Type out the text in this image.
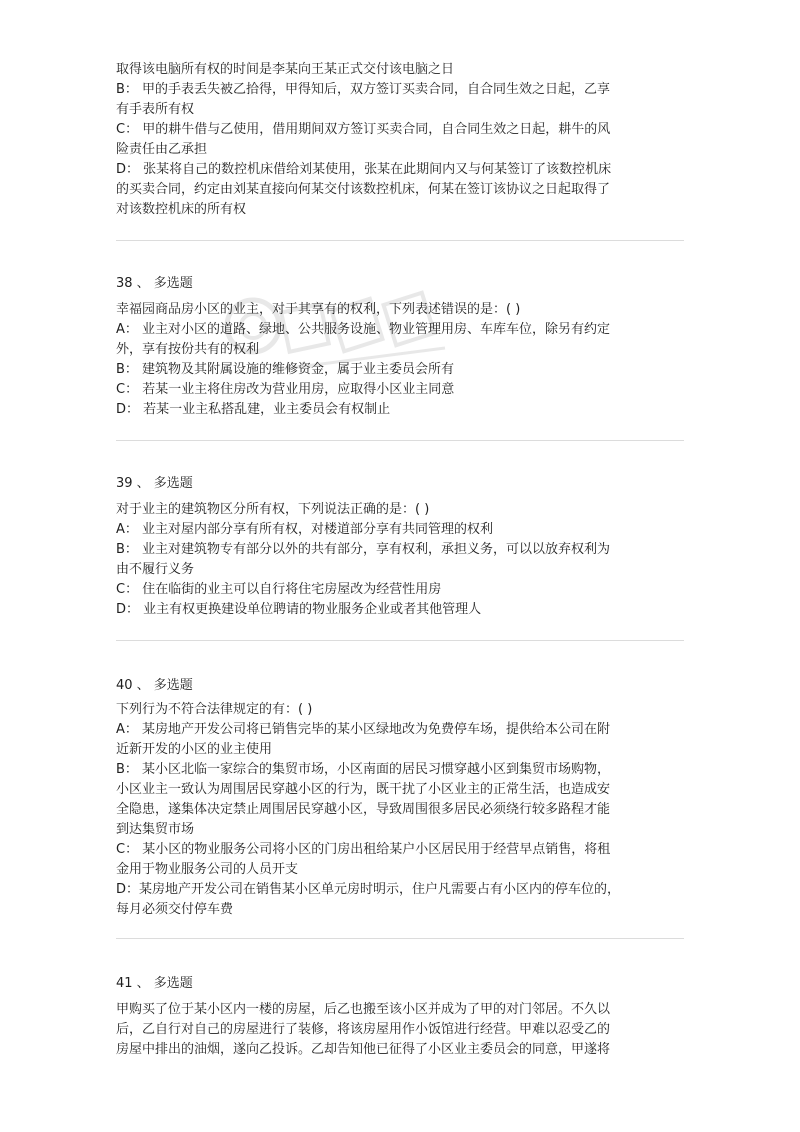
取得该电脑所有权的时间是李某向王某正式交付该电脑之日
B： 甲的手表丢失被乙拾得，甲得知后，双方签订买卖合同，自合同生效之日起，乙享
有手表所有权
C： 甲的耕牛借与乙使用，借用期间双方签订买卖合同，自合同生效之日起，耕牛的风
险责任由乙承担
D： 张某将自己的数控机床借给刘某使用，张某在此期间内又与何某签订了该数控机床
的买卖合同，约定由刘某直接向何某交付该数控机床，何某在签订该协议之日起取得了
对该数控机床的所有权
38 、 多选题
幸福园商品房小区的业主，对于其享有的权利，下列表述错误的是：( )
A： 业主对小区的道路、绿地、公共服务设施、物业管理用房、车库车位，除另有约定
外，享有按份共有的权利
B： 建筑物及其附属设施的维修资金，属于业主委员会所有
C： 若某一业主将住房改为营业用房，应取得小区业主同意
D： 若某一业主私搭乱建，业主委员会有权制止
39 、 多选题
对于业主的建筑物区分所有权，下列说法正确的是：( )
A： 业主对屋内部分享有所有权，对楼道部分享有共同管理的权利
B： 业主对建筑物专有部分以外的共有部分，享有权利，承担义务，可以以放弃权利为
由不履行义务
C： 住在临街的业主可以自行将住宅房屋改为经营性用房
D： 业主有权更换建设单位聘请的物业服务企业或者其他管理人
40 、 多选题
下列行为不符合法律规定的有：( )
A： 某房地产开发公司将已销售完毕的某小区绿地改为免费停车场，提供给本公司在附
近新开发的小区的业主使用
B： 某小区北临一家综合的集贸市场，小区南面的居民习惯穿越小区到集贸市场购物，
小区业主一致认为周围居民穿越小区的行为，既干扰了小区业主的正常生活，也造成安
全隐患，遂集体决定禁止周围居民穿越小区，导致周围很多居民必须绕行较多路程才能
到达集贸市场
C： 某小区的物业服务公司将小区的门房出租给某户小区居民用于经营早点销售，将租
金用于物业服务公司的人员开支
D：某房地产开发公司在销售某小区单元房时明示，住户凡需要占有小区内的停车位的，
每月必须交付停车费
41 、 多选题
甲购买了位于某小区内一楼的房屋，后乙也搬至该小区并成为了甲的对门邻居。不久以
后，乙自行对自己的房屋进行了装修，将该房屋用作小饭馆进行经营。甲难以忍受乙的
房屋中排出的油烟，遂向乙投诉。乙却告知他已征得了小区业主委员会的同意，甲遂将
